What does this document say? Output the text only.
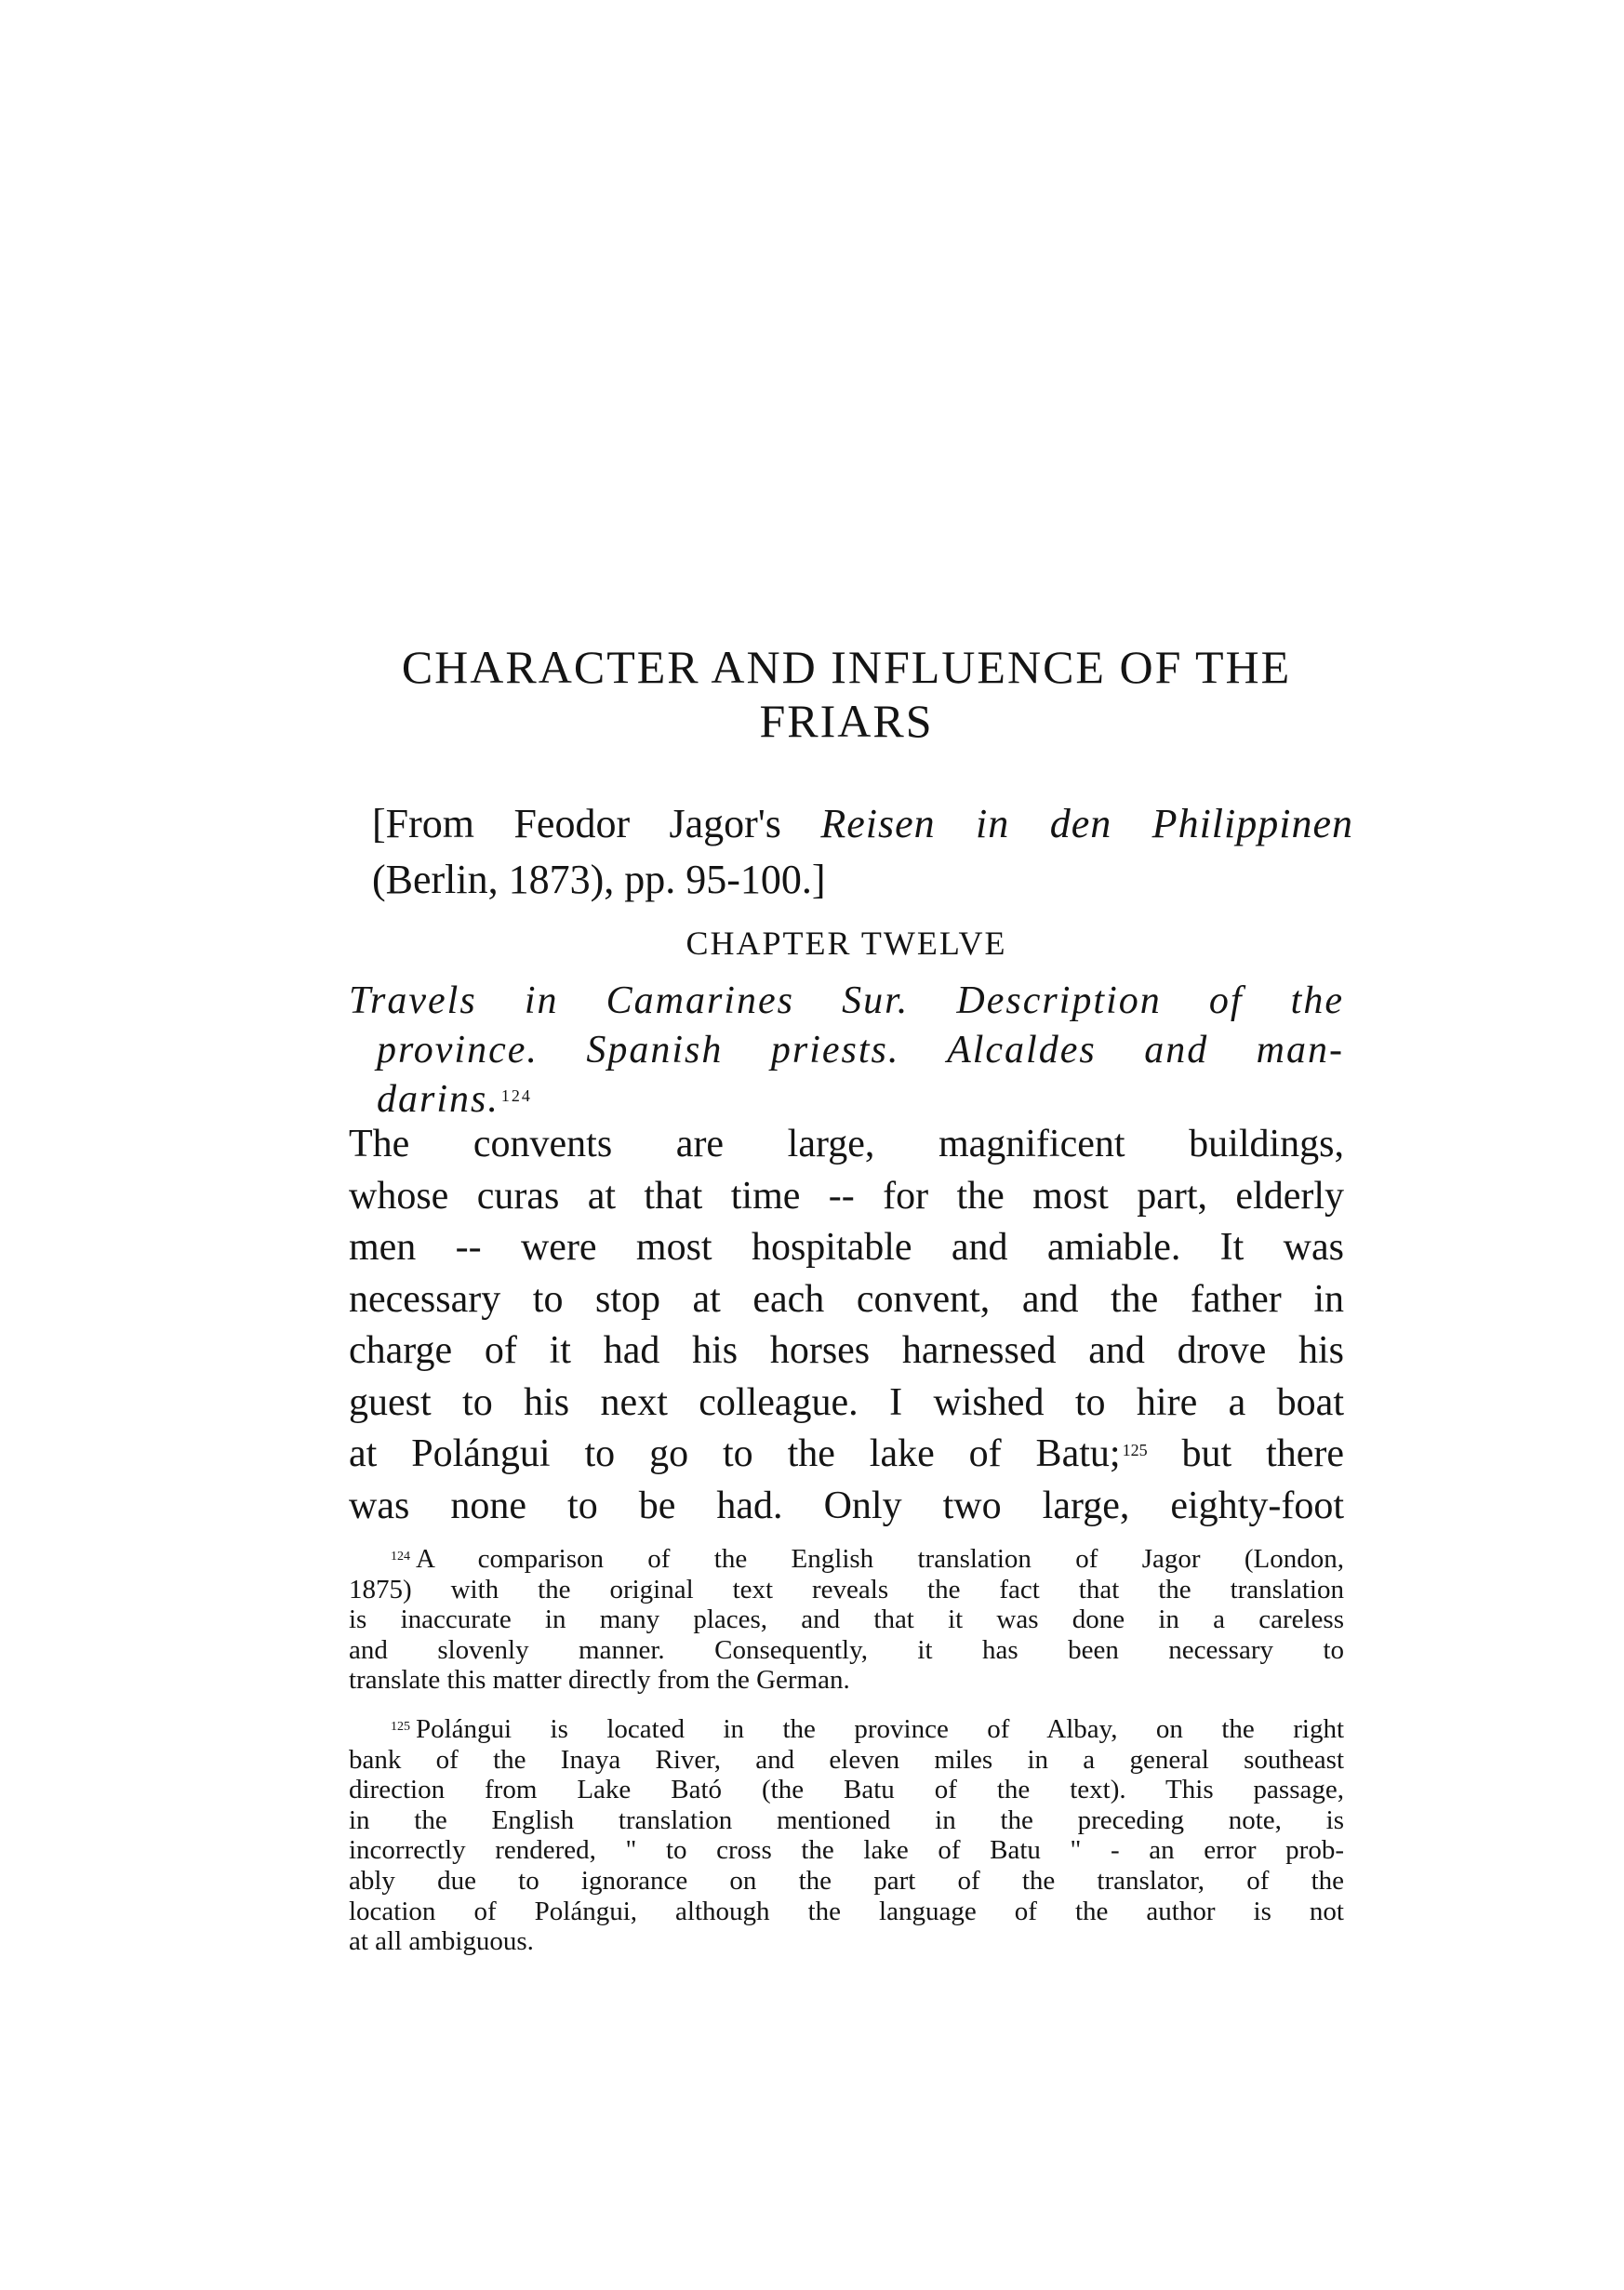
CHARACTER AND INFLUENCE OF THE
FRIARS
[From Feodor Jagor's Reisen in den Philippinen
(Berlin, 1873), pp. 95-100.]
CHAPTER TWELVE
Travels in Camarines Sur. Description of the
province. Spanish priests. Alcaldes and man-
darins. $^{124}$
The convents are large, magnificent buildings,
whose curas at that time -- for the most part, elderly
men -- were most hospitable and amiable. It was
necessary to stop at each convent, and the father in
charge of it had his horses harnessed and drove his
guest to his next colleague. I wished to hire a boat
at Polángui to go to the lake of Batu; $^{125}$ but there
was none to be had. Only two large, eighty-foot
$^{124}$ A comparison of the English translation of Jagor (London,
1875) with the original text reveals the fact that the translation
is inaccurate in many places, and that it was done in a careless
and slovenly manner. Consequently, it has been necessary to
translate this matter directly from the German.
$^{125}$ Polángui is located in the province of Albay, on the right
bank of the Inaya River, and eleven miles in a general southeast
direction from Lake Bató (the Batu of the text). This passage,
in the English translation mentioned in the preceding note, is
incorrectly rendered, " to cross the lake of Batu " - an error prob-
ably due to ignorance on the part of the translator, of the
location of Polángui, although the language of the author is not
at all ambiguous.
